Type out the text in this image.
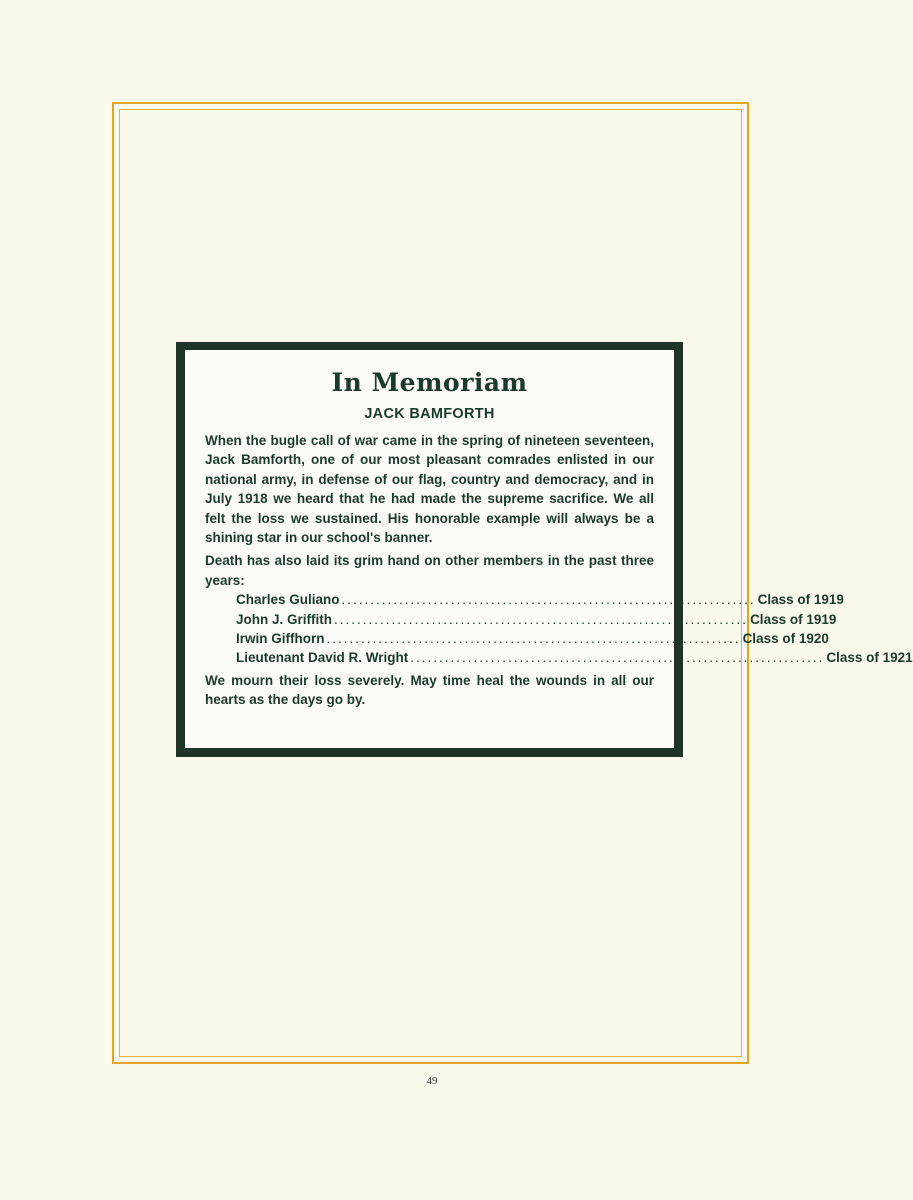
In Memoriam
JACK BAMFORTH

When the bugle call of war came in the spring of nineteen seventeen, Jack Bamforth, one of our most pleasant comrades enlisted in our national army, in defense of our flag, country and democracy, and in July 1918 we heard that he had made the supreme sacrifice. We all felt the loss we sustained. His honorable example will always be a shining star in our school's banner.

Death has also laid its grim hand on other members in the past three years:

Charles Guliano ........................................................................ Class of 1919
John J. Griffith ........................................................................ Class of 1919
Irwin Giffhorn ........................................................................ Class of 1920
Lieutenant David R. Wright ........................................................................ Class of 1921

We mourn their loss severely. May time heal the wounds in all our hearts as the days go by.

49
